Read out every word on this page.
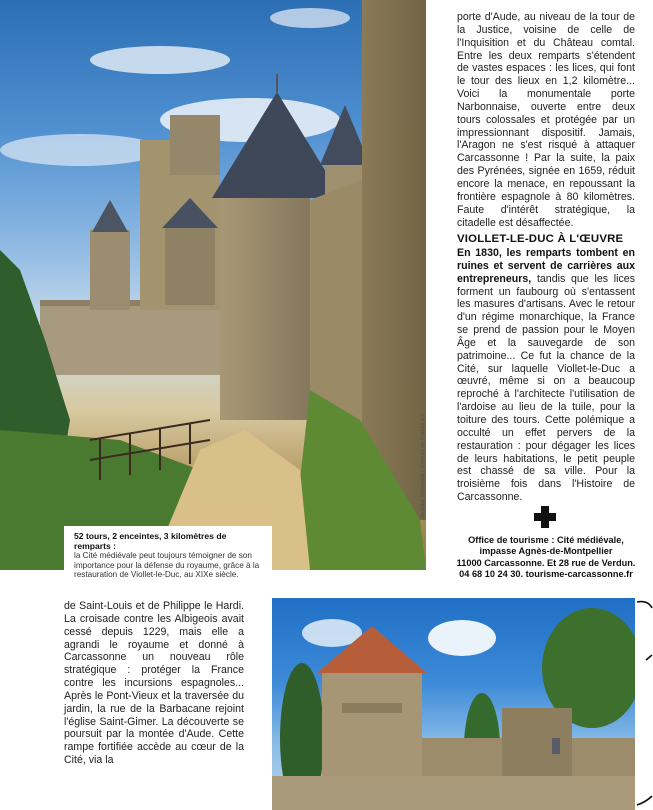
52 tours, 2 enceintes, 3 kilomètres de remparts :
la Cité médiévale peut toujours témoigner de son importance pour la défense du royaume, grâce à la restauration de Viollet-le-Duc, au XIXe siècle.
Jacques Sierpinski / Détours en France x 2
porte d'Aude, au niveau de la tour de la Justice, voisine de celle de l'Inquisition et du Château comtal. Entre les deux remparts s'étendent de vastes espaces : les lices, qui font le tour des lieux en 1,2 kilomètre... Voici la monumentale porte Narbonnaise, ouverte entre deux tours colossales et protégée par un impressionnant dispositif. Jamais, l'Aragon ne s'est risqué à attaquer Carcassonne ! Par la suite, la paix des Pyrénées, signée en 1659, réduit encore la menace, en repoussant la frontière espagnole à 80 kilomètres. Faute d'intérêt stratégique, la citadelle est désaffectée.
VIOLLET-LE-DUC À L'ŒUVRE
En 1830, les remparts tombent en ruines et servent de carrières aux entrepreneurs, tandis que les lices forment un faubourg où s'entassent les masures d'artisans. Avec le retour d'un régime monarchique, la France se prend de passion pour le Moyen Âge et la sauvegarde de son patrimoine... Ce fut la chance de la Cité, sur laquelle Viollet-le-Duc a œuvré, même si on a beaucoup reproché à l'architecte l'utilisation de l'ardoise au lieu de la tuile, pour la toiture des tours. Cette polémique a occulté un effet pervers de la restauration : pour dégager les lices de leurs habitations, le petit peuple est chassé de sa ville. Pour la troisième fois dans l'Histoire de Carcassonne.
Office de tourisme : Cité médiévale,
impasse Agnès-de-Montpellier
11000 Carcassonne. Et 28 rue de Verdun.
04 68 10 24 30. tourisme-carcassonne.fr
de Saint-Louis et de Philippe le Hardi. La croisade contre les Albigeois avait cessé depuis 1229, mais elle a agrandi le royaume et donné à Carcassonne un nouveau rôle stratégique : protéger la France contre les incursions espagnoles... Après le Pont-Vieux et la traversée du jardin, la rue de la Barbacane rejoint l'église Saint-Gimer. La découverte se poursuit par la montée d'Aude. Cette rampe fortifiée accède au cœur de la Cité, via la
